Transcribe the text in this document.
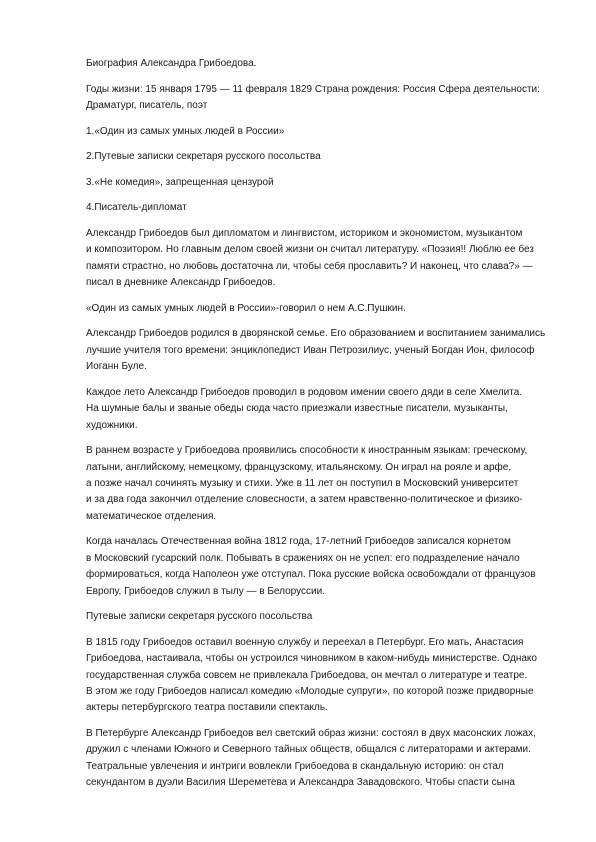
Биография Александра Грибоедова.

Годы жизни: 15 января 1795 — 11 февраля 1829 Страна рождения: Россия Сфера деятельности:
Драматург, писатель, поэт

1.«Один из самых умных людей в России»

2.Путевые записки секретаря русского посольства

3.«Не комедия», запрещенная цензурой

4.Писатель-дипломат

Александр Грибоедов был дипломатом и лингвистом, историком и экономистом, музыкантом
и композитором. Но главным делом своей жизни он считал литературу. «Поэзия!! Люблю ее без
памяти страстно, но любовь достаточна ли, чтобы себя прославить? И наконец, что слава?» —
писал в дневнике Александр Грибоедов.

«Один из самых умных людей в России»-говорил о нем А.С.Пушкин.

Александр Грибоедов родился в дворянской семье. Его образованием и воспитанием занимались
лучшие учителя того времени: энциклопедист Иван Петрозилиус, ученый Богдан Ион, философ
Иоганн Буле.

Каждое лето Александр Грибоедов проводил в родовом имении своего дяди в селе Хмелита.
На шумные балы и званые обеды сюда часто приезжали известные писатели, музыканты,
художники.

В раннем возрасте у Грибоедова проявились способности к иностранным языкам: греческому,
латыни, английскому, немецкому, французскому, итальянскому. Он играл на рояле и арфе,
а позже начал сочинять музыку и стихи. Уже в 11 лет он поступил в Московский университет
и за два года закончил отделение словесности, а затем нравственно-политическое и физико-
математическое отделения.

Когда началась Отечественная война 1812 года, 17-летний Грибоедов записался корнетом
в Московский гусарский полк. Побывать в сражениях он не успел: его подразделение начало
формироваться, когда Наполеон уже отступал. Пока русские войска освобождали от французов
Европу, Грибоедов служил в тылу — в Белоруссии.

Путевые записки секретаря русского посольства

В 1815 году Грибоедов оставил военную службу и переехал в Петербург. Его мать, Анастасия
Грибоедова, настаивала, чтобы он устроился чиновником в каком-нибудь министерстве. Однако
государственная служба совсем не привлекала Грибоедова, он мечтал о литературе и театре.
В этом же году Грибоедов написал комедию «Молодые супруги», по которой позже придворные
актеры петербургского театра поставили спектакль.

В Петербурге Александр Грибоедов вел светский образ жизни: состоял в двух масонских ложах,
дружил с членами Южного и Северного тайных обществ, общался с литераторами и актерами.
Театральные увлечения и интриги вовлекли Грибоедова в скандальную историю: он стал
секундантом в дуэли Василия Шереметева и Александра Завадовского. Чтобы спасти сына
